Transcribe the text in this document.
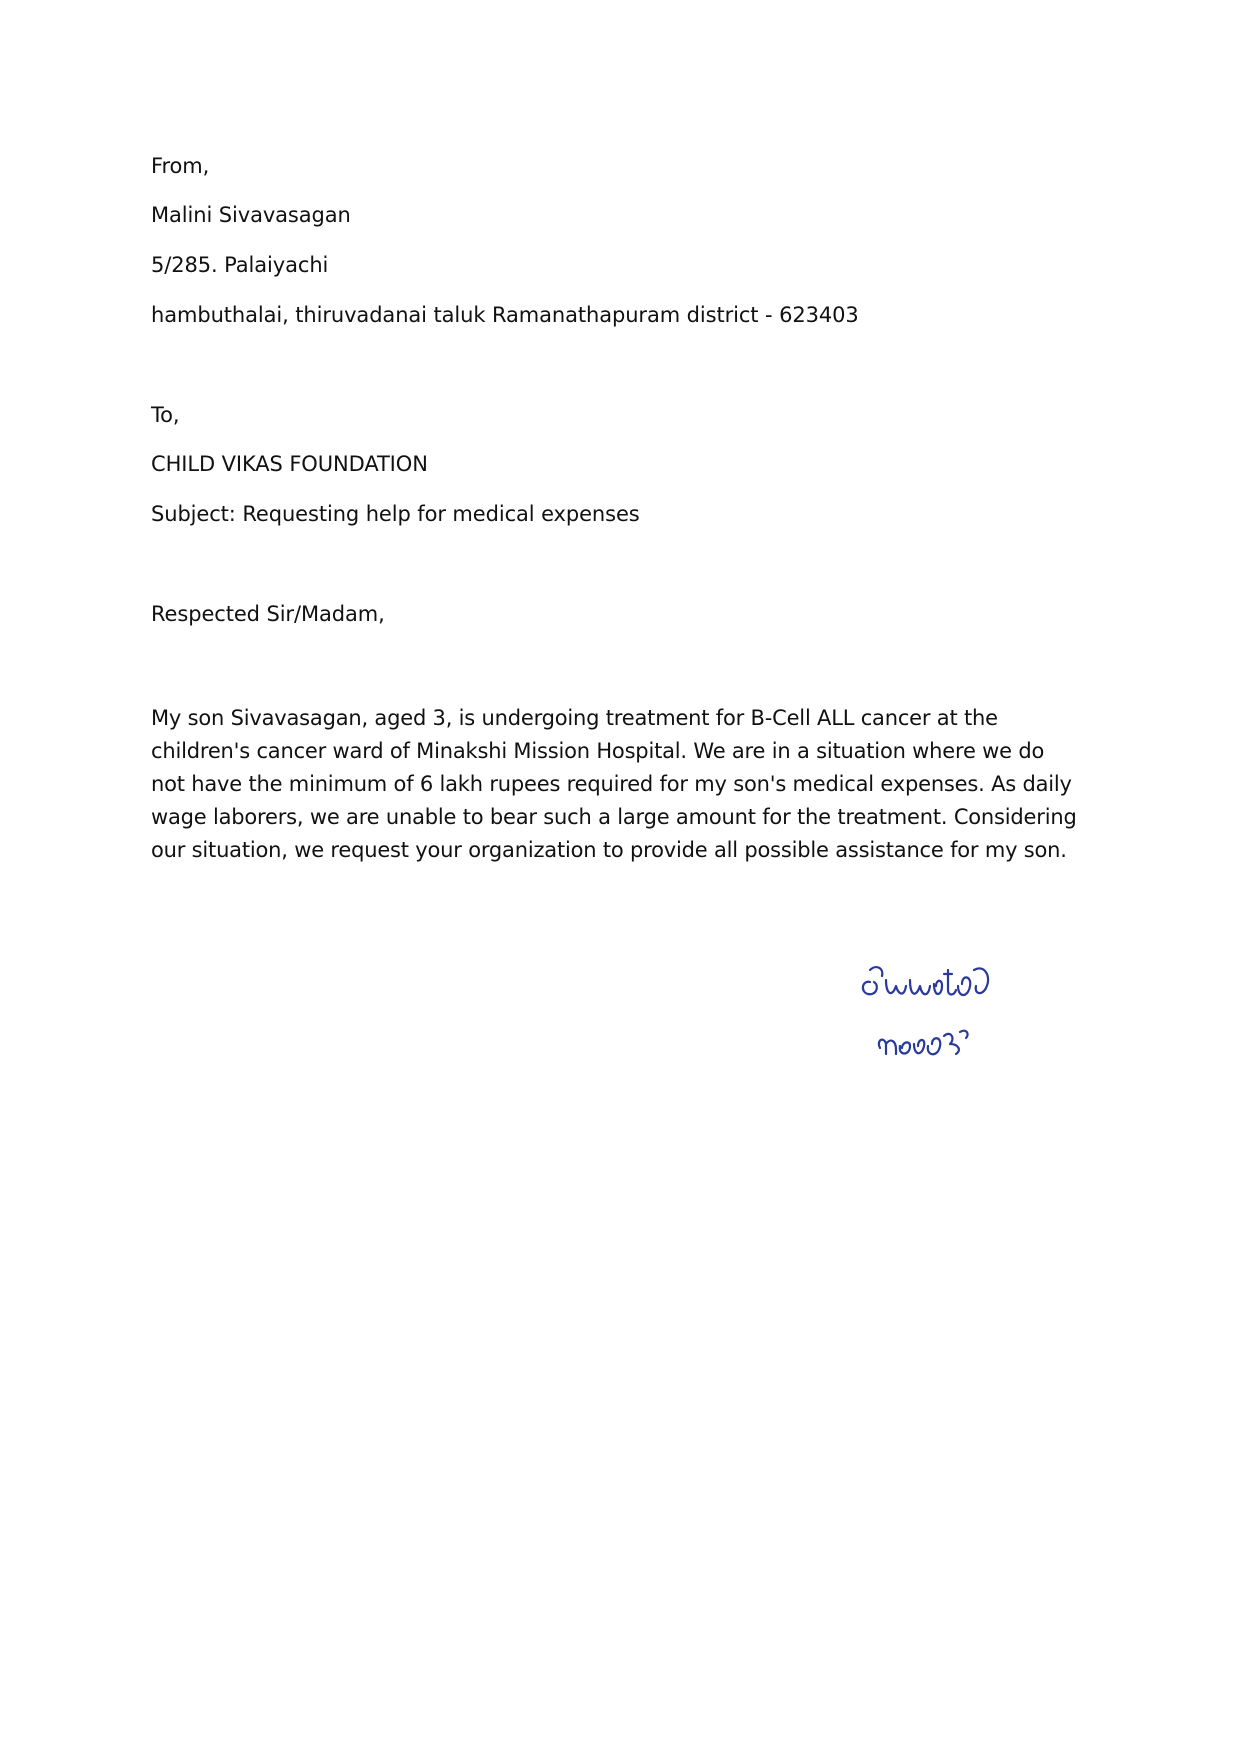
From,
Malini Sivavasagan
5/285. Palaiyachi
hambuthalai, thiruvadanai taluk Ramanathapuram district - 623403
To,
CHILD VIKAS FOUNDATION
Subject: Requesting help for medical expenses
Respected Sir/Madam,
My son Sivavasagan, aged 3, is undergoing treatment for B-Cell ALL cancer at the children's cancer ward of Minakshi Mission Hospital. We are in a situation where we do not have the minimum of 6 lakh rupees required for my son's medical expenses. As daily wage laborers, we are unable to bear such a large amount for the treatment. Considering our situation, we request your organization to provide all possible assistance for my son.
